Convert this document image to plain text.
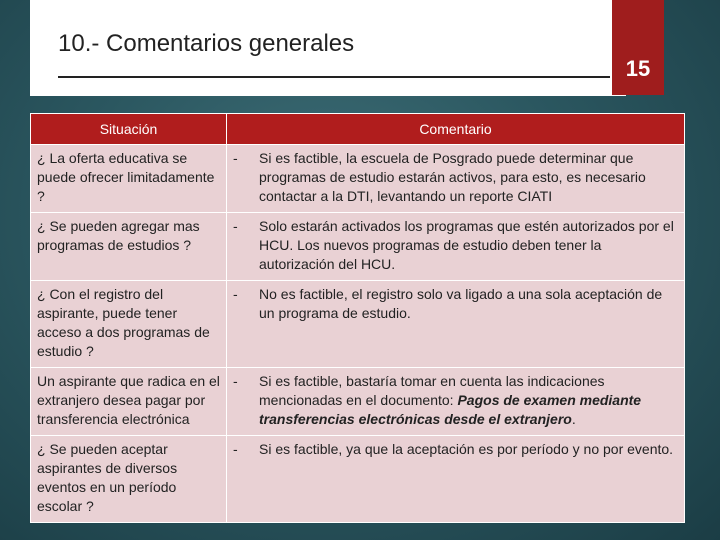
10.- Comentarios generales
15
Situación	Comentario
¿ La oferta educativa se puede ofrecer limitadamente ?	- Si es factible, la escuela de Posgrado puede determinar que programas de estudio estarán activos, para esto, es necesario contactar a la DTI, levantando un reporte CIATI

¿ Se pueden agregar mas programas de estudios ?	- Solo estarán activados los programas que estén autorizados por el HCU. Los nuevos programas de estudio deben tener la autorización del HCU.

¿ Con el registro del aspirante, puede tener acceso a dos programas de estudio ?	- No es factible, el registro solo va ligado a una sola aceptación de un programa de estudio.

Un aspirante que radica en el extranjero desea pagar por transferencia electrónica	- Si es factible, bastaría tomar en cuenta las indicaciones mencionadas en el documento: Pagos de examen mediante transferencias electrónicas desde el extranjero.

¿ Se pueden aceptar aspirantes de diversos eventos en un período escolar ?	- Si es factible, ya que la aceptación es por período y no por evento.
